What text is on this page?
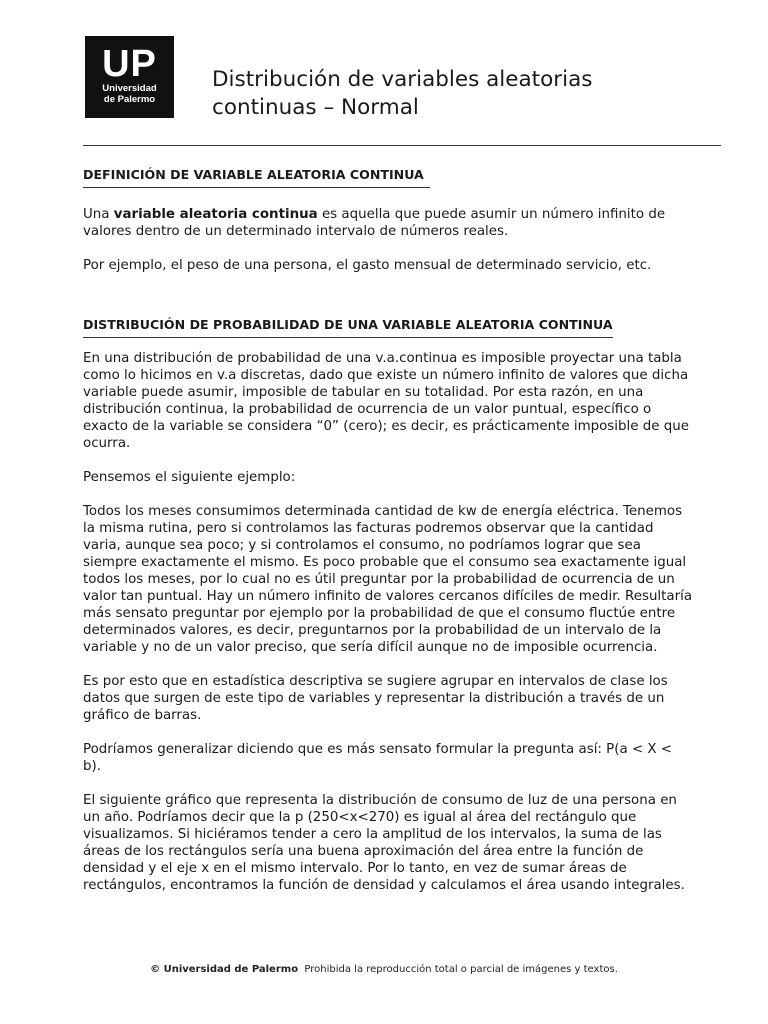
UP
Universidad
de Palermo
Distribución de variables aleatorias
continuas – Normal
DEFINICIÓN DE VARIABLE ALEATORIA CONTINUA

Una variable aleatoria continua es aquella que puede asumir un número infinito de valores dentro de un determinado intervalo de números reales.

Por ejemplo, el peso de una persona, el gasto mensual de determinado servicio, etc.

DISTRIBUCIÓN DE PROBABILIDAD DE UNA VARIABLE ALEATORIA CONTINUA

En una distribución de probabilidad de una v.a.continua es imposible proyectar una tabla como lo hicimos en v.a discretas, dado que existe un número infinito de valores que dicha variable puede asumir, imposible de tabular en su totalidad. Por esta razón, en una distribución continua, la probabilidad de ocurrencia de un valor puntual, específico o exacto de la variable se considera “0” (cero); es decir, es prácticamente imposible de que ocurra.

Pensemos el siguiente ejemplo:

Todos los meses consumimos determinada cantidad de kw de energía eléctrica. Tenemos la misma rutina, pero si controlamos las facturas podremos observar que la cantidad varia, aunque sea poco; y si controlamos el consumo, no podríamos lograr que sea siempre exactamente el mismo. Es poco probable que el consumo sea exactamente igual todos los meses, por lo cual no es útil preguntar por la probabilidad de ocurrencia de un valor tan puntual. Hay un número infinito de valores cercanos difíciles de medir. Resultaría más sensato preguntar por ejemplo por la probabilidad de que el consumo fluctúe entre determinados valores, es decir, preguntarnos por la probabilidad de un intervalo de la variable y no de un valor preciso, que sería difícil aunque no de imposible ocurrencia.

Es por esto que en estadística descriptiva se sugiere agrupar en intervalos de clase los datos que surgen de este tipo de variables y representar la distribución a través de un gráfico de barras.

Podríamos generalizar diciendo que es más sensato formular la pregunta así: P(a < X < b).

El siguiente gráfico que representa la distribución de consumo de luz de una persona en un año. Podríamos decir que la p (250<x<270) es igual al área del rectángulo que visualizamos. Si hiciéramos tender a cero la amplitud de los intervalos, la suma de las áreas de los rectángulos sería una buena aproximación del área entre la función de densidad y el eje x en el mismo intervalo. Por lo tanto, en vez de sumar áreas de rectángulos, encontramos la función de densidad y calculamos el área usando integrales.

© Universidad de Palermo Prohibida la reproducción total o parcial de imágenes y textos.
